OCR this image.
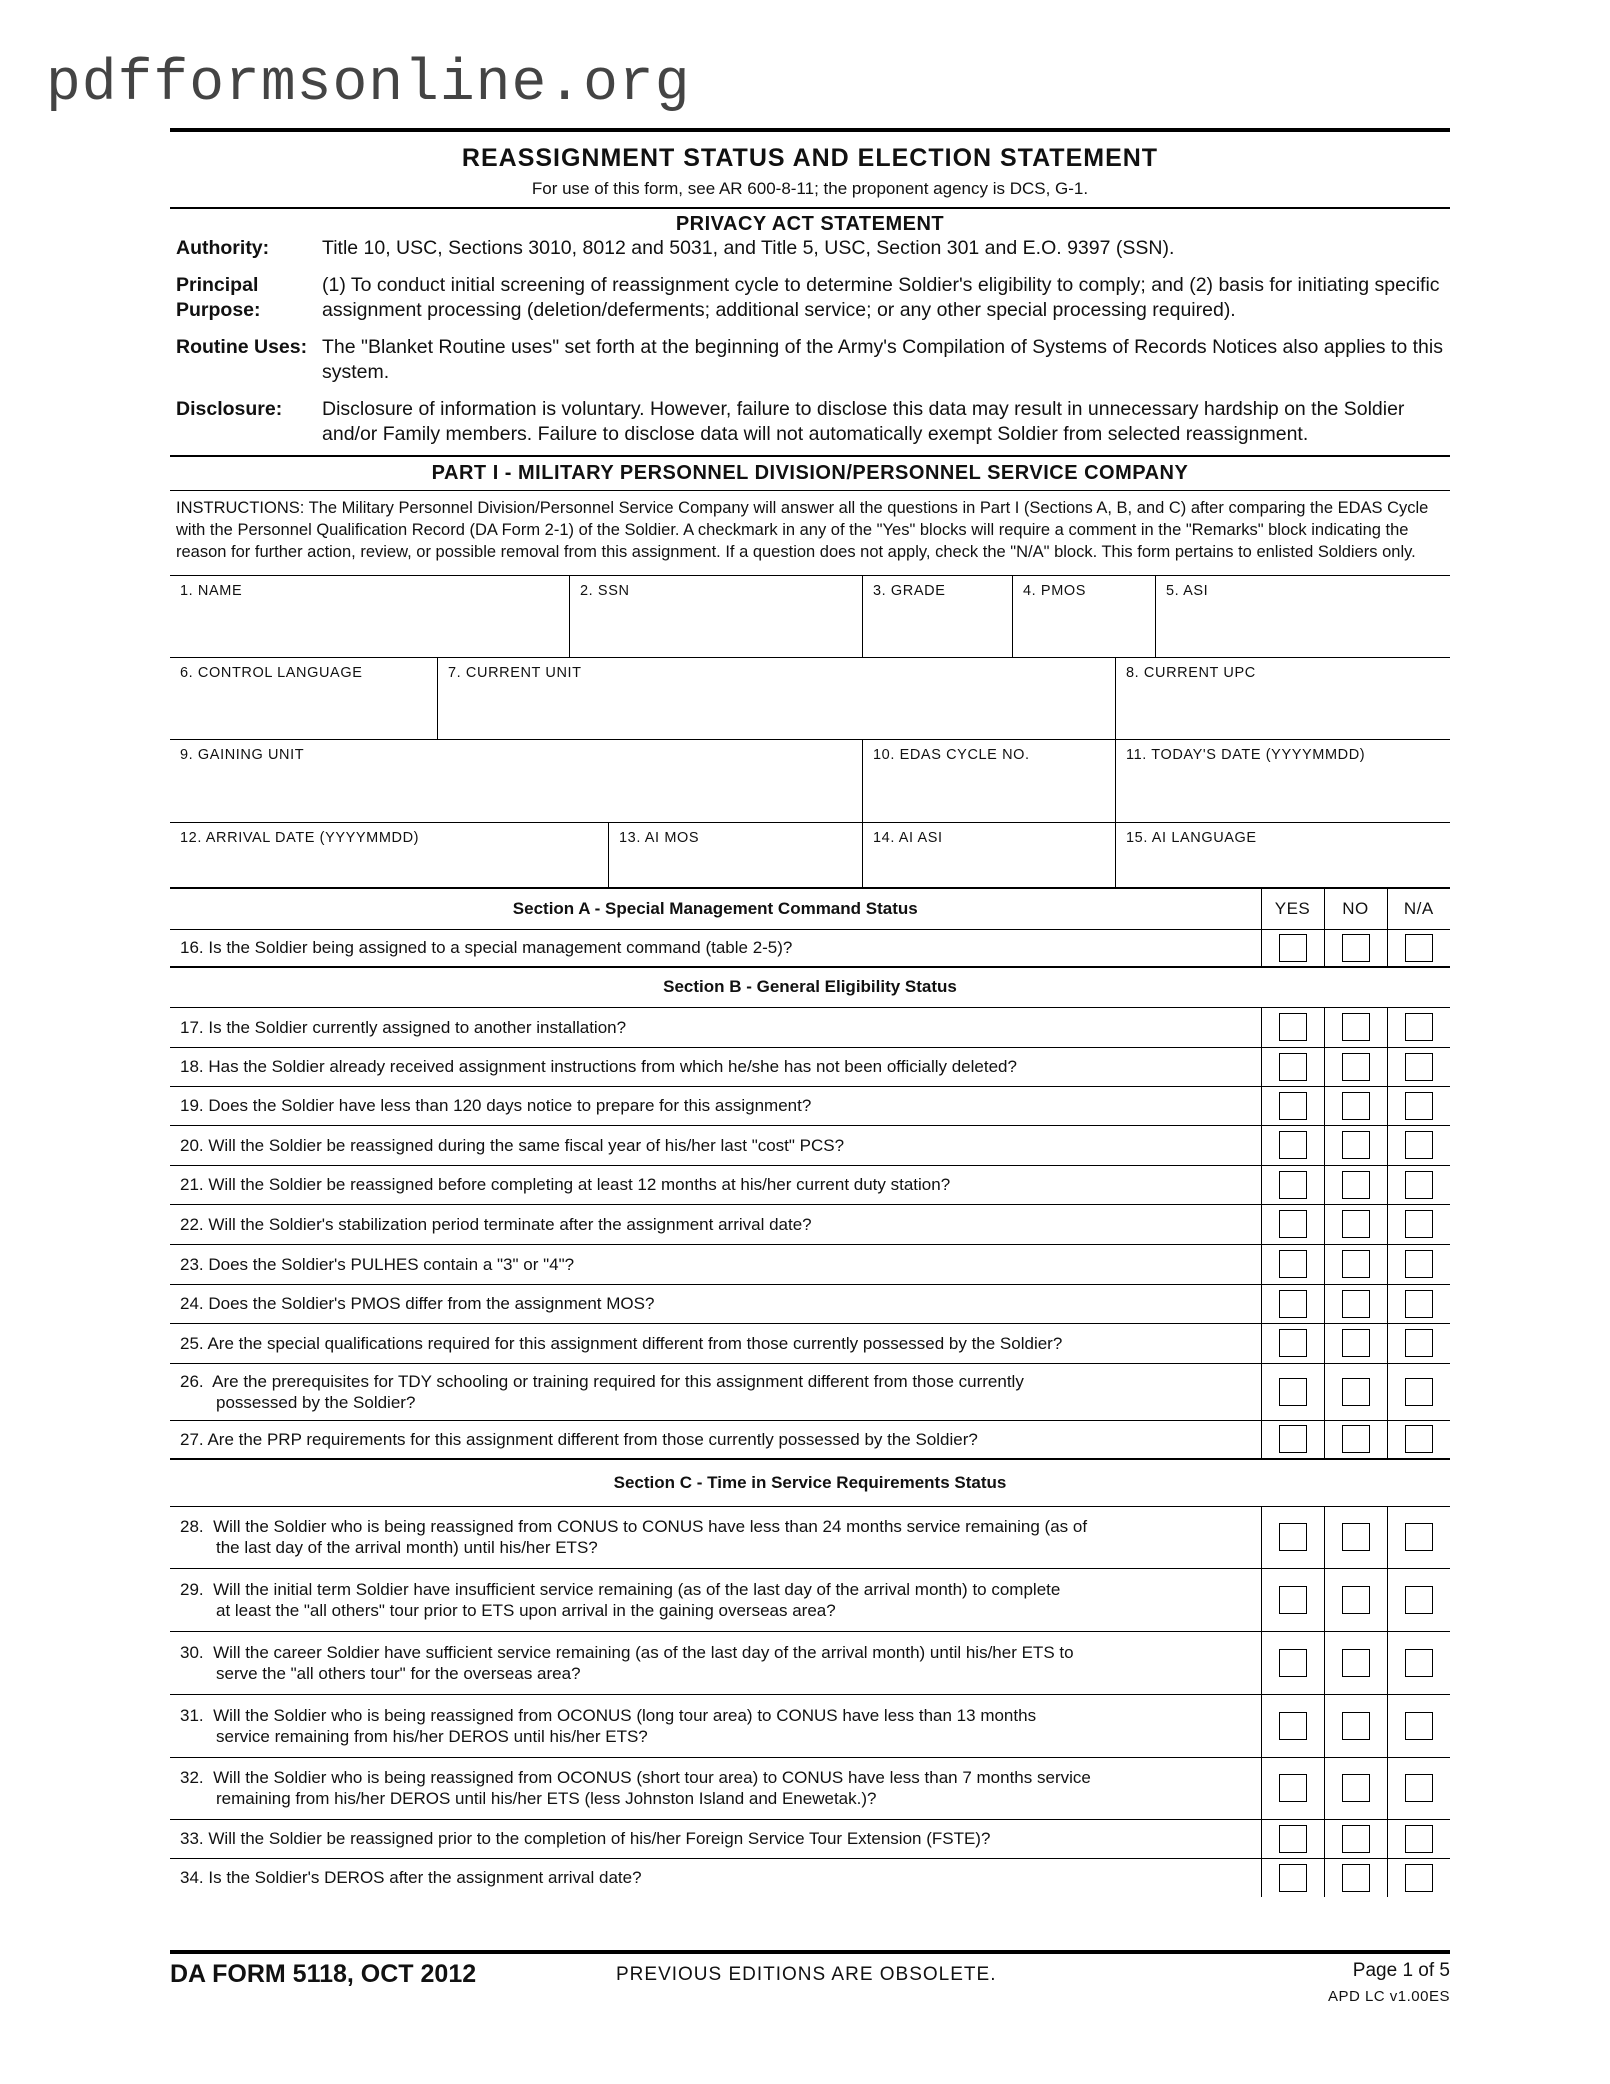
pdfformsonline.org
REASSIGNMENT STATUS AND ELECTION STATEMENT
For use of this form, see AR 600-8-11; the proponent agency is DCS, G-1.
PRIVACY ACT STATEMENT
Authority:	Title 10, USC, Sections 3010, 8012 and 5031, and Title 5, USC, Section 301 and E.O. 9397 (SSN).
Principal
Purpose:
(1) To conduct initial screening of reassignment cycle to determine Soldier's eligibility to comply; and (2) basis for initiating specific assignment processing (deletion/deferments; additional service; or any other special processing required).
Routine Uses: The "Blanket Routine uses" set forth at the beginning of the Army's Compilation of Systems of Records Notices also applies to this system.
Disclosure:	Disclosure of information is voluntary. However, failure to disclose this data may result in unnecessary hardship on the Soldier and/or Family members. Failure to disclose data will not automatically exempt Soldier from selected reassignment.
PART I - MILITARY PERSONNEL DIVISION/PERSONNEL SERVICE COMPANY
INSTRUCTIONS: The Military Personnel Division/Personnel Service Company will answer all the questions in Part I (Sections A, B, and C) after comparing the EDAS Cycle with the Personnel Qualification Record (DA Form 2-1) of the Soldier. A checkmark in any of the "Yes" blocks will require a comment in the "Remarks" block indicating the reason for further action, review, or possible removal from this assignment. If a question does not apply, check the "N/A" block. This form pertains to enlisted Soldiers only.
1. NAME	2. SSN	3. GRADE	4. PMOS	5. ASI
6. CONTROL LANGUAGE	7. CURRENT UNIT	8. CURRENT UPC
9. GAINING UNIT	10. EDAS CYCLE NO.	11. TODAY'S DATE (YYYYMMDD)
12. ARRIVAL DATE (YYYYMMDD)	13. AI MOS	14. AI ASI	15. AI LANGUAGE
Section A - Special Management Command Status	YES	NO	N/A
16. Is the Soldier being assigned to a special management command (table 2-5)?			
Section B - General Eligibility Status			
17. Is the Soldier currently assigned to another installation?			
18. Has the Soldier already received assignment instructions from which he/she has not been officially deleted?			
19. Does the Soldier have less than 120 days notice to prepare for this assignment?			
20. Will the Soldier be reassigned during the same fiscal year of his/her last "cost" PCS?			
21. Will the Soldier be reassigned before completing at least 12 months at his/her current duty station?			
22. Will the Soldier's stabilization period terminate after the assignment arrival date?			
23. Does the Soldier's PULHES contain a "3" or "4"?			
24. Does the Soldier's PMOS differ from the assignment MOS?			
25. Are the special qualifications required for this assignment different from those currently possessed by the Soldier?			
26. Are the prerequisites for TDY schooling or training required for this assignment different from those currently
possessed by the Soldier?			

27. Are the PRP requirements for this assignment different from those currently possessed by the Soldier?			
Section C - Time in Service Requirements Status			
28. Will the Soldier who is being reassigned from CONUS to CONUS have less than 24 months service remaining (as of
the last day of the arrival month) until his/her ETS?			

29. Will the initial term Soldier have insufficient service remaining (as of the last day of the arrival month) to complete
at least the "all others" tour prior to ETS upon arrival in the gaining overseas area?			

30. Will the career Soldier have sufficient service remaining (as of the last day of the arrival month) until his/her ETS to
serve the "all others tour" for the overseas area?			

31. Will the Soldier who is being reassigned from OCONUS (long tour area) to CONUS have less than 13 months
service remaining from his/her DEROS until his/her ETS?			

32. Will the Soldier who is being reassigned from OCONUS (short tour area) to CONUS have less than 7 months service
remaining from his/her DEROS until his/her ETS (less Johnston Island and Enewetak.)?			

33. Will the Soldier be reassigned prior to the completion of his/her Foreign Service Tour Extension (FSTE)?			
34. Is the Soldier's DEROS after the assignment arrival date?			
DA FORM 5118, OCT 2012	PREVIOUS EDITIONS ARE OBSOLETE.	Page 1 of 5
APD LC v1.00ES
